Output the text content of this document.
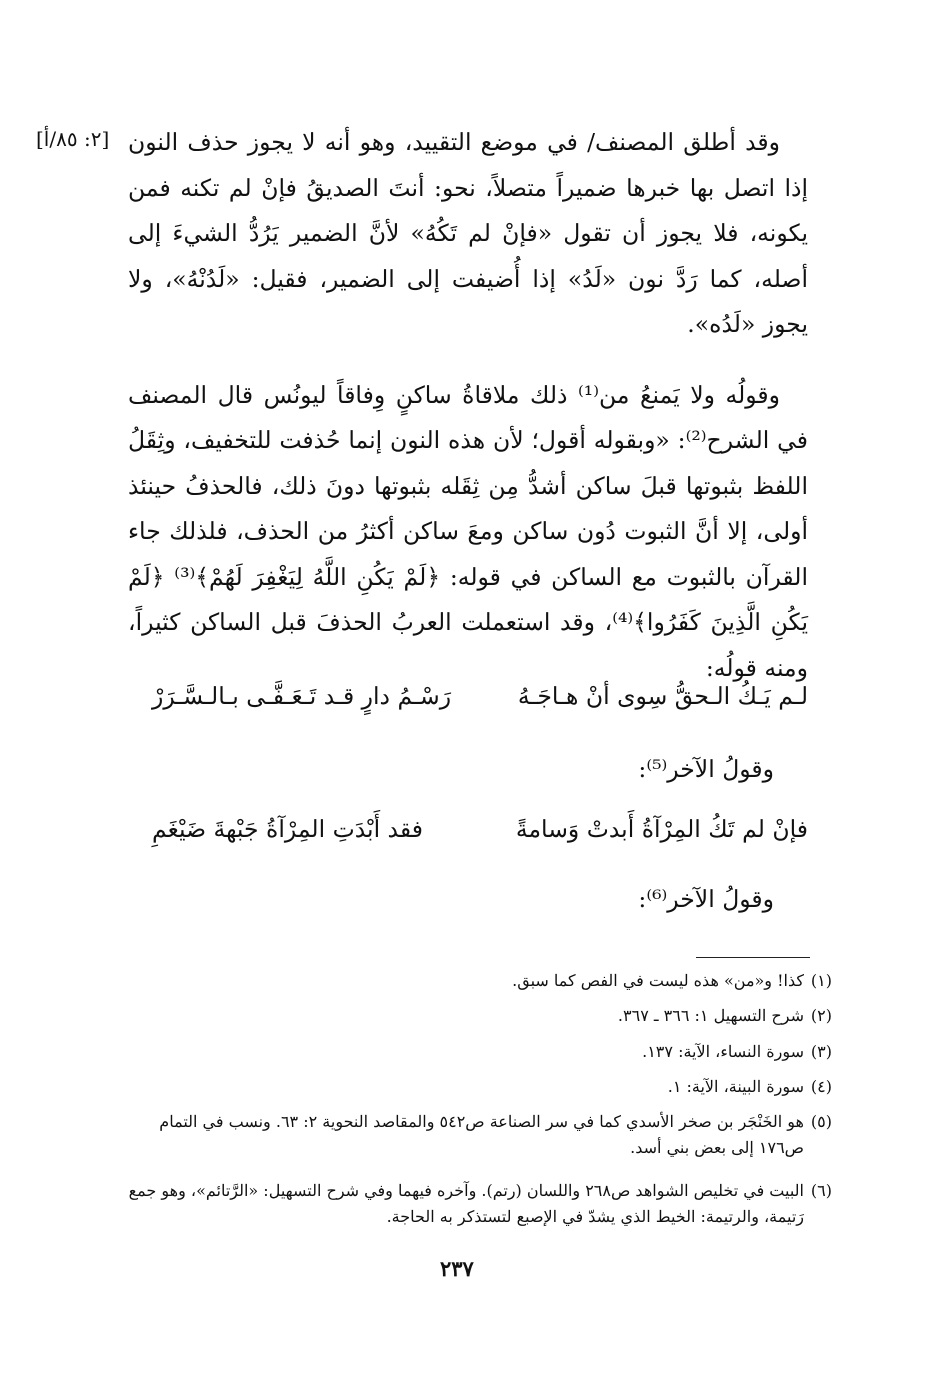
[٢: ٨٥/أ] وقد أطلق المصنف/ في موضع التقييد، وهو أنه لا يجوز حذف النون إذا اتصل بها خبرها ضميراً متصلاً، نحو: أنتَ الصديقُ فإنْ لم تكنه فمن يكونه، فلا يجوز أن تقول «فإنْ لم تَكُهُ» لأنَّ الضمير يَرُدُّ الشيءَ إلى أصله، كما رَدَّ نون «لَدُ» إذا أُضيفت إلى الضمير، فقيل: «لَدُنْهُ»، ولا يجوز «لَدُه».

وقولُه ولا يَمنعُ من⁽¹⁾ ذلك ملاقاةُ ساكنٍ وِفاقاً ليونُس قال المصنف في الشرح⁽²⁾: «وبقوله أقول؛ لأن هذه النون إنما حُذفت للتخفيف، وثِقَلُ اللفظ بثبوتها قبلَ ساكن أشدُّ مِن ثِقَله بثبوتها دونَ ذلك، فالحذفُ حينئذ أولى، إلا أنَّ الثبوت دُون ساكن ومعَ ساكن أكثرُ من الحذف، فلذلك جاء القرآن بالثبوت مع الساكن في قوله: ﴿لَمْ يَكُنِ اللَّهُ لِيَغْفِرَ لَهُمْ﴾⁽³⁾ ﴿لَمْ يَكُنِ الَّذِينَ كَفَرُوا﴾⁽⁴⁾، وقد استعملت العربُ الحذفَ قبل الساكن كثيراً، ومنه قولُه:

لـم يَـكُ الـحقُّ سِوى أنْ هـاجَـهُ
رَسْـمُ دارٍ قـد تَـعَـفَّـى بـالـسَّـرَرْ
وقولُ الآخر⁽⁵⁾:
فإنْ لم تَكُ المِرْآةُ أَبدتْ وَسامةً
فقد أَبْدَتِ المِرْآةُ جَبْهةَ ضَيْغَمِ
وقولُ الآخر⁽⁶⁾:
(١)
كذا! و«من» هذه ليست في الفص كما سبق.
(٢)
شرح التسهيل ١: ٣٦٦ ـ ٣٦٧.
(٣)
سورة النساء، الآية: ١٣٧.
(٤)
سورة البينة، الآية: ١.
(٥)
هو الخَنْجَر بن صخر الأسدي كما في سر الصناعة ص٥٤٢ والمقاصد النحوية ٢: ٦٣. ونسب في التمام ص١٧٦ إلى بعض بني أسد.
(٦)
البيت في تخليص الشواهد ص٢٦٨ واللسان (رتم). وآخره فيهما وفي شرح التسهيل: «الرَّتائم»، وهو جمع رَتيمة، والرتيمة: الخيط الذي يشدّ في الإصبع لتستذكر به الحاجة.
٢٣٧
